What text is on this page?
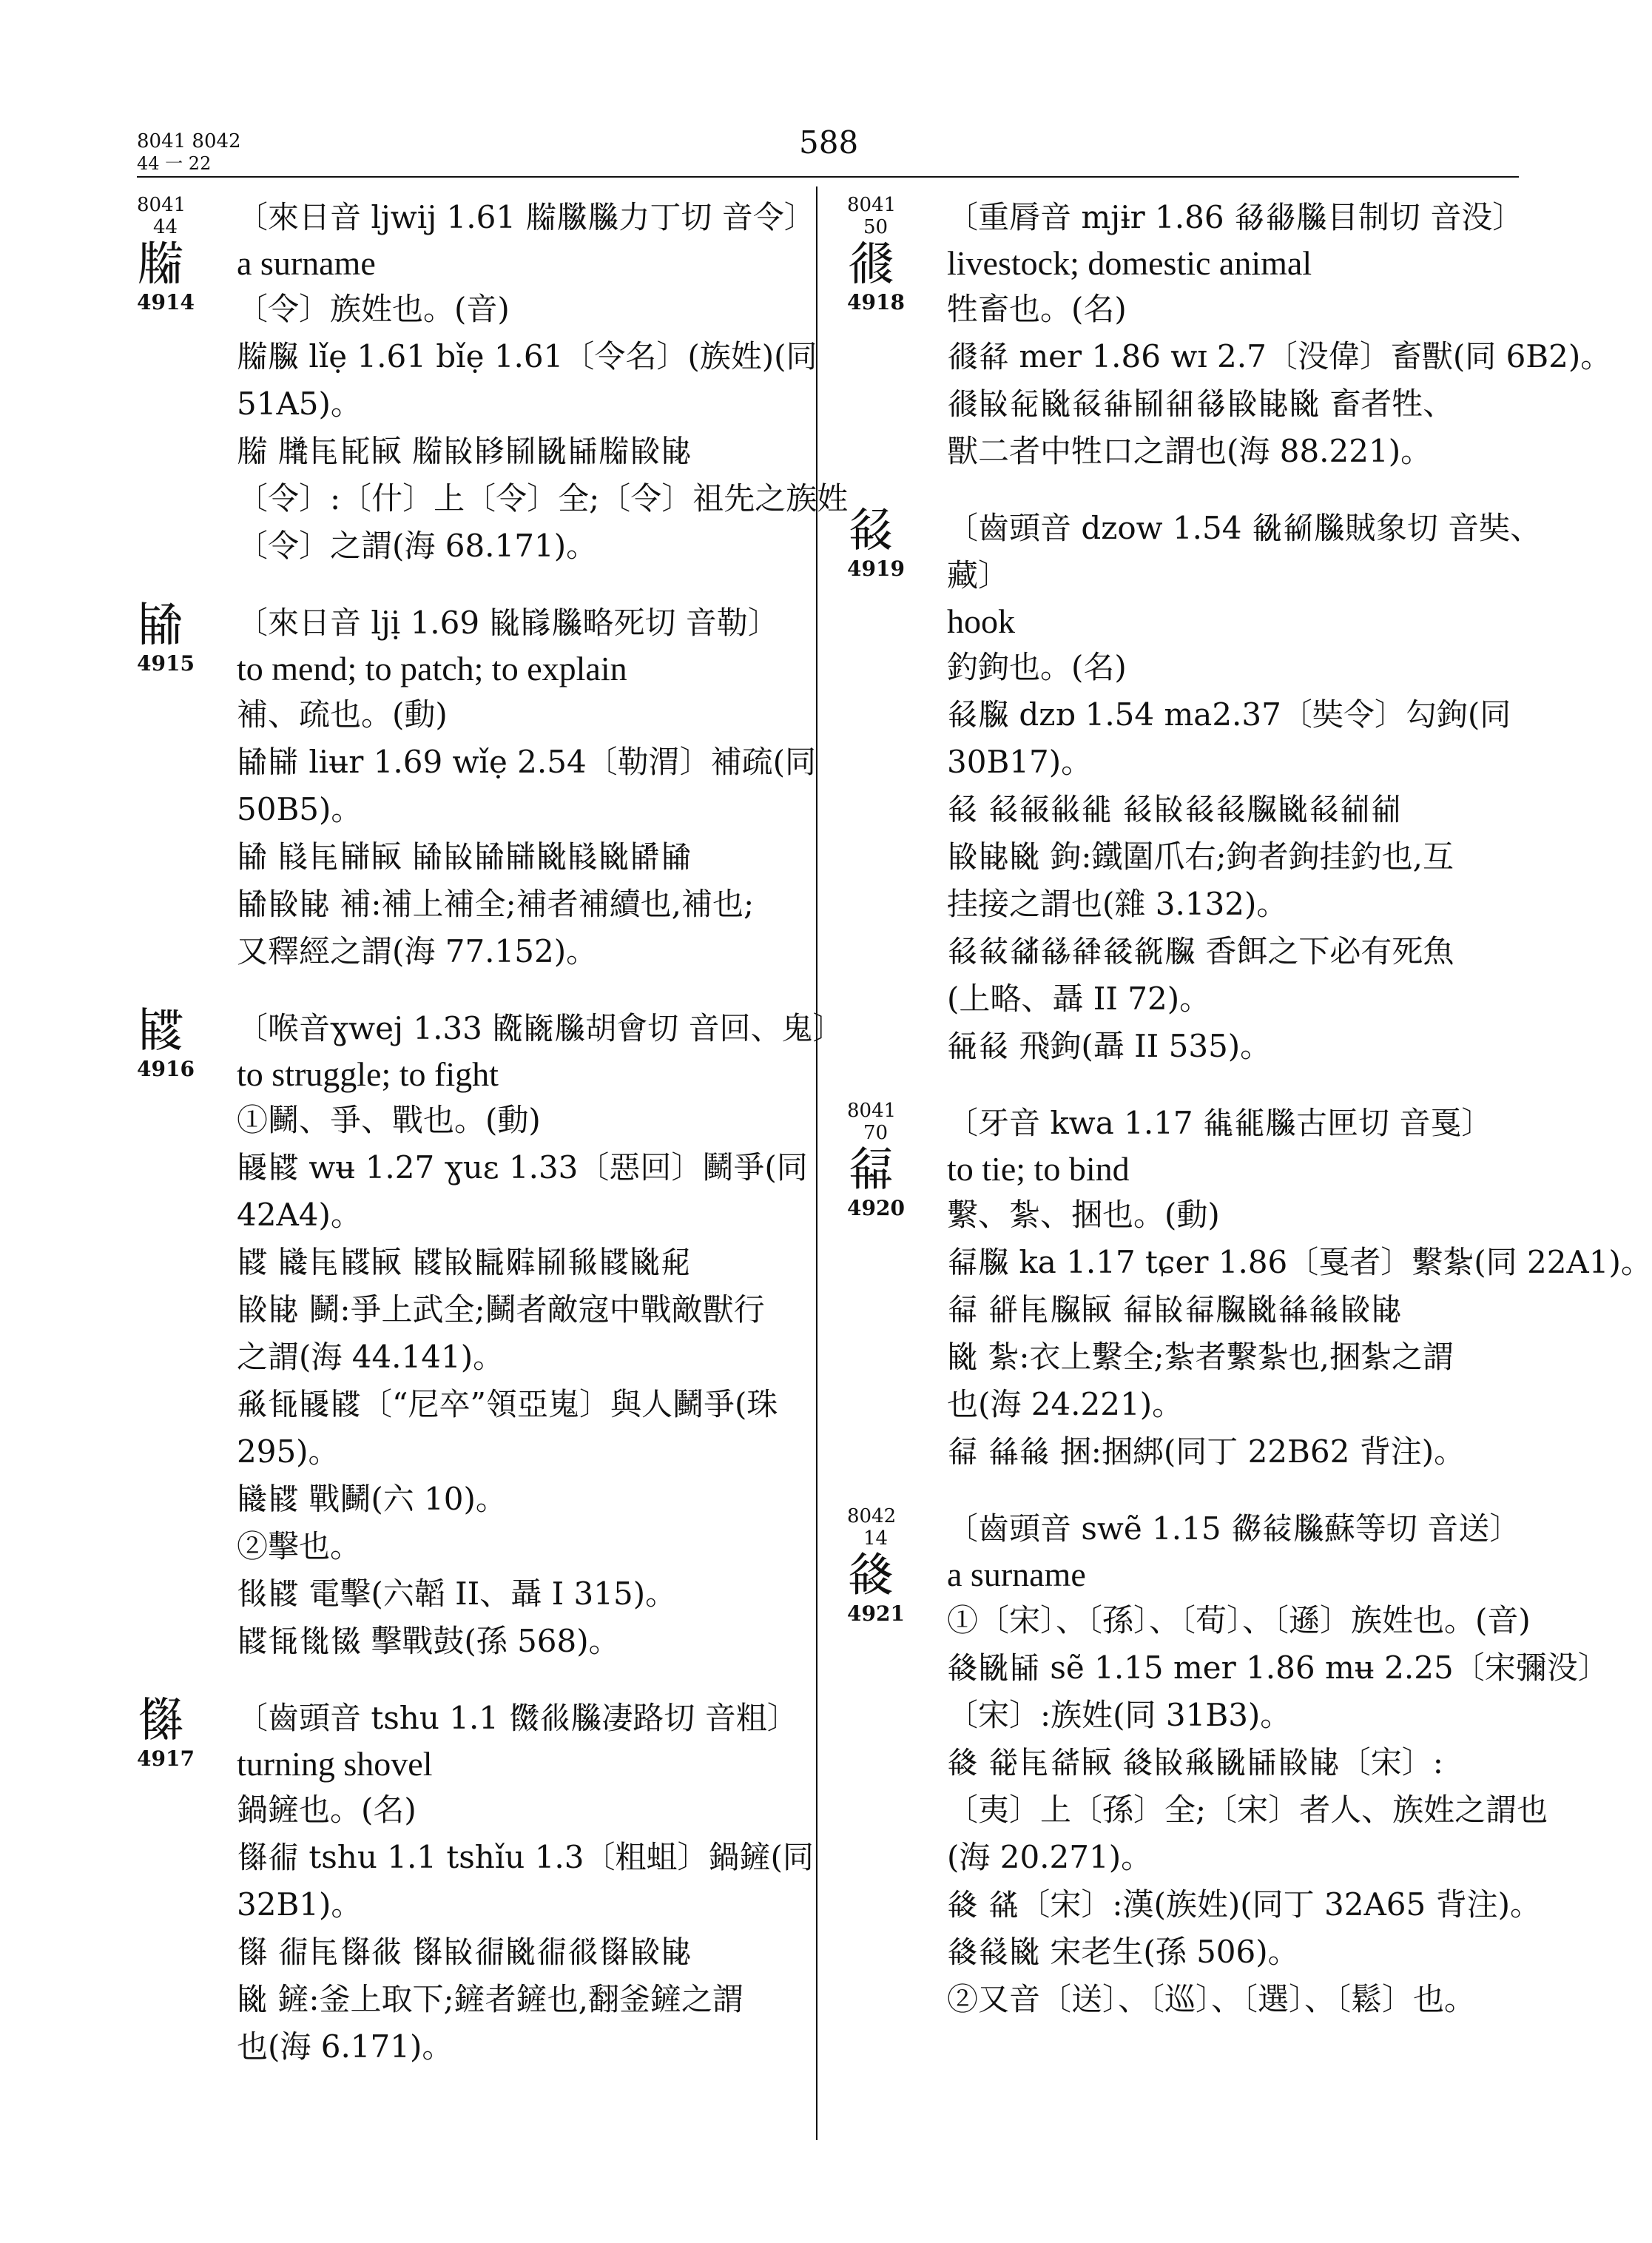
8041 8042
44 一 22
588
8041
44
𗹨
4914
〔來日音 ljwij 1.61 𗹨𗹩𗹪力丁切 音令〕
a surname
〔令〕族姓也。(音)
𗹨𗹫 lǐẹ 1.61 bǐẹ 1.61〔令名〕(族姓)(同
51A5)。
𗹨 𗹬𗹭𗹮𗹯 𗹨𗹰𗹱𗹲𗹳𗹴𗹨𗹵𗹶
〔令〕:〔什〕上〔令〕全;〔令〕祖先之族姓
〔令〕之謂(海 68.171)。
𗹷
4915
〔來日音 ljị 1.69 𗹸𗹹𗹪略死切 音勒〕
to mend; to patch; to explain
補、疏也。(動)
𗹷𗹺 liʉr 1.69 wǐẹ 2.54〔勒渭〕補疏(同
50B5)。
𗹷 𗹻𗹭𗹺𗹯 𗹷𗹰𗹷𗹺𗹼𗹻𗹼𗹽𗹾
𗹷𗹵𗹶 補:補上補全;補者補續也,補也;
又釋經之謂(海 77.152)。
𗹿
4916
〔喉音ɣwej 1.33 𗺀𗺁𗹪胡會切 音回、鬼〕
to struggle; to fight
①鬭、爭、戰也。(動)
𗺂𗹿 wʉ 1.27 ɣuɛ 1.33〔惡回〕鬭爭(同
42A4)。
𗹿 𗺃𗹭𗹿𗹯 𗹿𗹰𗺄𗺅𗹲𗺆𗹿𗹼𗺇
𗹵𗹶 鬭:爭上武全;鬭者敵寇中戰敵獸行
之謂(海 44.141)。
𗺈𗺉𗺂𗹿〔“尼卒”領亞嵬〕與人鬭爭(珠
295)。
𗺃𗹿 戰鬭(六 10)。
②擊也。
𗺊𗹿 電擊(六韜 II、聶 I 315)。
𗹿𗺋𗺌𗺍 擊戰鼓(孫 568)。
𗺎
4917
〔齒頭音 tshu 1.1 𗺏𗺐𗹪凄路切 音粗〕
turning shovel
鍋鏟也。(名)
𗺎𗺑 tshu 1.1 tshǐu 1.3〔粗蛆〕鍋鏟(同
32B1)。
𗺎 𗺑𗹭𗺎𗺒 𗺎𗹰𗺑𗹼𗺑𗺓𗺎𗹵𗹶
𗹼 鏟:釜上取下;鏟者鏟也,翻釜鏟之謂
也(海 6.171)。
8041
50
𗺔
4918
〔重脣音 mjɨr 1.86 𗺕𗺖𗹪目制切 音没〕
livestock; domestic animal
牲畜也。(名)
𗺔𗺗 mer 1.86 wɪ 2.7〔没偉〕畜獸(同 6B2)。
𗺔𗹰𗺘𗹼𗺙𗺚𗹲𗺛𗺜𗹵𗹶𗹼 畜者牲、
獸二者中牲口之謂也(海 88.221)。
𗺝
4919
〔齒頭音 dzow 1.54 𗺞𗺟𗹪賊象切 音奘、
藏〕
hook
釣鉤也。(名)
𗺝𗹫 dzɒ 1.54 ma2.37〔奘令〕勾鉤(同
30B17)。
𗺝 𗺝𗺠𗺡𗺢 𗺝𗹰𗺝𗺝𗹫𗹼𗺝𗺣𗺣
𗹵𗹶𗹼 鉤:鐵圍爪右;鉤者鉤挂釣也,互
挂接之謂也(雜 3.132)。
𗺝𗺤𗺥𗺦𗺧𗺨𗺩𗹫 香餌之下必有死魚
(上略、聶 II 72)。
𗺪𗺝 飛鉤(聶 II 535)。
8041
70
𗺫
4920
〔牙音 kwa 1.17 𗺬𗺭𗹪古匣切 音戛〕
to tie; to bind
繫、紮、捆也。(動)
𗺫𗹫 ka 1.17 tɕer 1.86〔戛者〕繫紮(同 22A1)。
𗺫 𗺮𗹭𗹫𗹯 𗺫𗹰𗺫𗹫𗹼𗺯𗺰𗹵𗹶
𗹼 紮:衣上繫全;紮者繫紮也,捆紮之謂
也(海 24.221)。
𗺫 𗺯𗺰 捆:捆綁(同丁 22B62 背注)。
8042
14
𗺱
4921
〔齒頭音 swẽ 1.15 𗺲𗺳𗹪蘇等切 音送〕
a surname
①〔宋〕、〔孫〕、〔荀〕、〔遜〕族姓也。(音)
𗺱𗹳𗹴 sẽ 1.15 mer 1.86 mʉ 2.25〔宋彌没〕
〔宋〕:族姓(同 31B3)。
𗺱 𗺴𗹭𗺵𗹯 𗺱𗹰𗺈𗹳𗹴𗹵𗹶〔宋〕:
〔夷〕上〔孫〕全;〔宋〕者人、族姓之謂也
(海 20.271)。
𗺱 𗺶〔宋〕:漢(族姓)(同丁 32A65 背注)。
𗺱𗺷𗹼 宋老生(孫 506)。
②又音〔送〕、〔巡〕、〔選〕、〔鬆〕也。
